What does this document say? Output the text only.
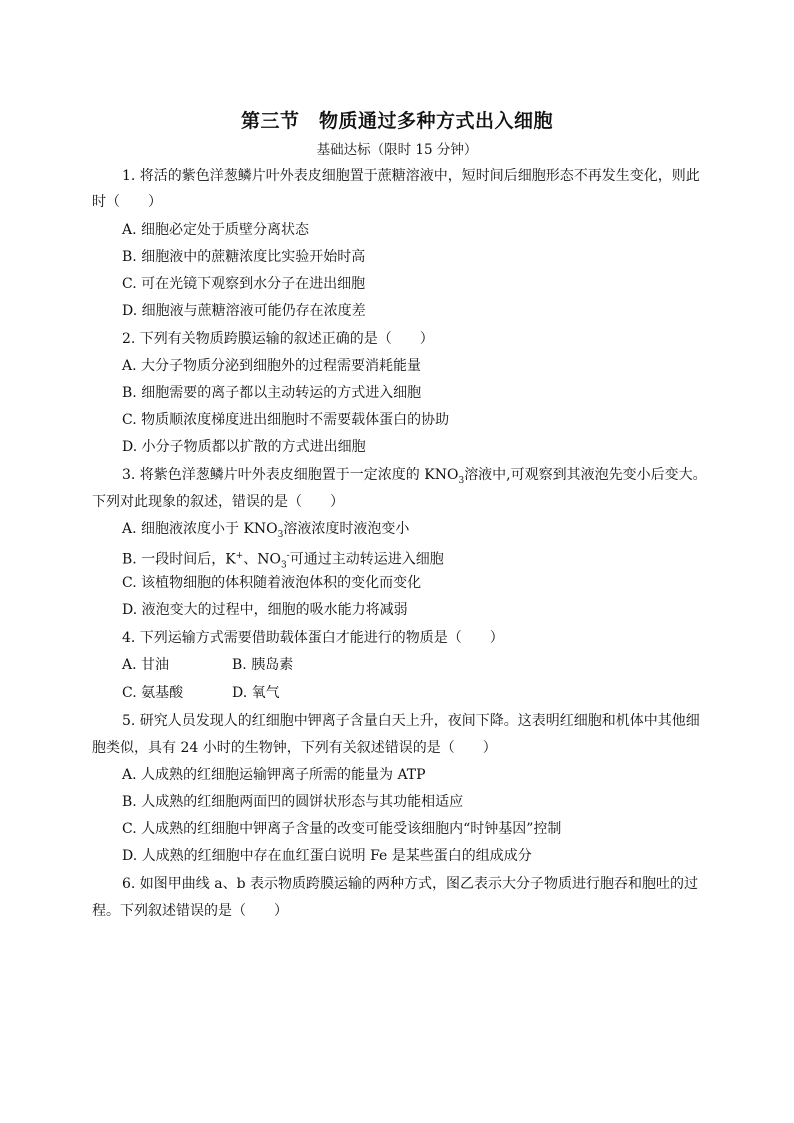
第三节　物质通过多种方式出入细胞
基础达标（限时 15 分钟）
1. 将活的紫色洋葱鳞片叶外表皮细胞置于蔗糖溶液中，短时间后细胞形态不再发生变化，则此
时（　　）
A. 细胞必定处于质壁分离状态
B. 细胞液中的蔗糖浓度比实验开始时高
C. 可在光镜下观察到水分子在进出细胞
D. 细胞液与蔗糖溶液可能仍存在浓度差
2. 下列有关物质跨膜运输的叙述正确的是（　　）
A. 大分子物质分泌到细胞外的过程需要消耗能量
B. 细胞需要的离子都以主动转运的方式进入细胞
C. 物质顺浓度梯度进出细胞时不需要载体蛋白的协助
D. 小分子物质都以扩散的方式进出细胞
3. 将紫色洋葱鳞片叶外表皮细胞置于一定浓度的 $KNO_3$溶液中,可观察到其液泡先变小后变大。
下列对此现象的叙述，错误的是（　　）
A. 细胞液浓度小于 $KNO_3$溶液浓度时液泡变小
B. 一段时间后，K+、$NO_3^-$可通过主动转运进入细胞
C. 该植物细胞的体积随着液泡体积的变化而变化
D. 液泡变大的过程中，细胞的吸水能力将减弱
4. 下列运输方式需要借助载体蛋白才能进行的物质是（　　）
A. 甘油	B. 胰岛素
C. 氨基酸	D. 氧气
5. 研究人员发现人的红细胞中钾离子含量白天上升，夜间下降。这表明红细胞和机体中其他细
胞类似，具有 24 小时的生物钟，下列有关叙述错误的是（　　）
A. 人成熟的红细胞运输钾离子所需的能量为 ATP
B. 人成熟的红细胞两面凹的圆饼状形态与其功能相适应
C. 人成熟的红细胞中钾离子含量的改变可能受该细胞内“时钟基因”控制
D. 人成熟的红细胞中存在血红蛋白说明 Fe 是某些蛋白的组成成分
6. 如图甲曲线 a、b 表示物质跨膜运输的两种方式，图乙表示大分子物质进行胞吞和胞吐的过
程。下列叙述错误的是（　　）
